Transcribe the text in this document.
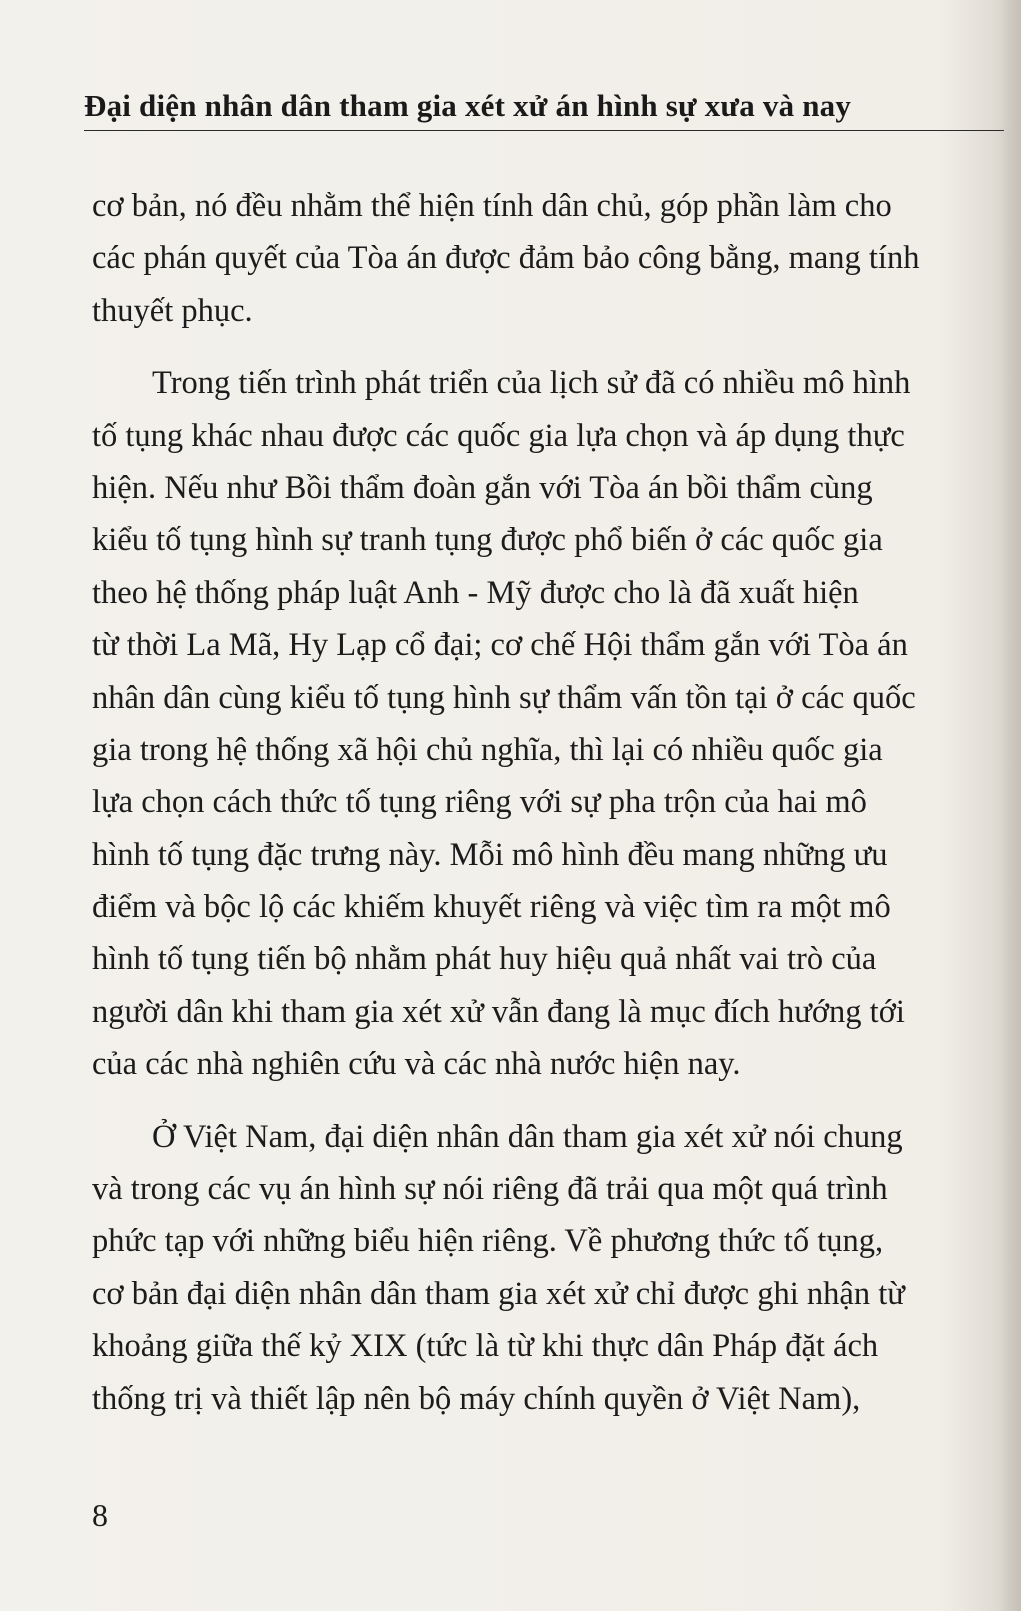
Đại diện nhân dân tham gia xét xử án hình sự xưa và nay
cơ bản, nó đều nhằm thể hiện tính dân chủ, góp phần làm cho
các phán quyết của Tòa án được đảm bảo công bằng, mang tính
thuyết phục.
Trong tiến trình phát triển của lịch sử đã có nhiều mô hình
tố tụng khác nhau được các quốc gia lựa chọn và áp dụng thực
hiện. Nếu như Bồi thẩm đoàn gắn với Tòa án bồi thẩm cùng
kiểu tố tụng hình sự tranh tụng được phổ biến ở các quốc gia
theo hệ thống pháp luật Anh - Mỹ được cho là đã xuất hiện
từ thời La Mã, Hy Lạp cổ đại; cơ chế Hội thẩm gắn với Tòa án
nhân dân cùng kiểu tố tụng hình sự thẩm vấn tồn tại ở các quốc
gia trong hệ thống xã hội chủ nghĩa, thì lại có nhiều quốc gia
lựa chọn cách thức tố tụng riêng với sự pha trộn của hai mô
hình tố tụng đặc trưng này. Mỗi mô hình đều mang những ưu
điểm và bộc lộ các khiếm khuyết riêng và việc tìm ra một mô
hình tố tụng tiến bộ nhằm phát huy hiệu quả nhất vai trò của
người dân khi tham gia xét xử vẫn đang là mục đích hướng tới
của các nhà nghiên cứu và các nhà nước hiện nay.
Ở Việt Nam, đại diện nhân dân tham gia xét xử nói chung
và trong các vụ án hình sự nói riêng đã trải qua một quá trình
phức tạp với những biểu hiện riêng. Về phương thức tố tụng,
cơ bản đại diện nhân dân tham gia xét xử chỉ được ghi nhận từ
khoảng giữa thế kỷ XIX (tức là từ khi thực dân Pháp đặt ách
thống trị và thiết lập nên bộ máy chính quyền ở Việt Nam),
8
